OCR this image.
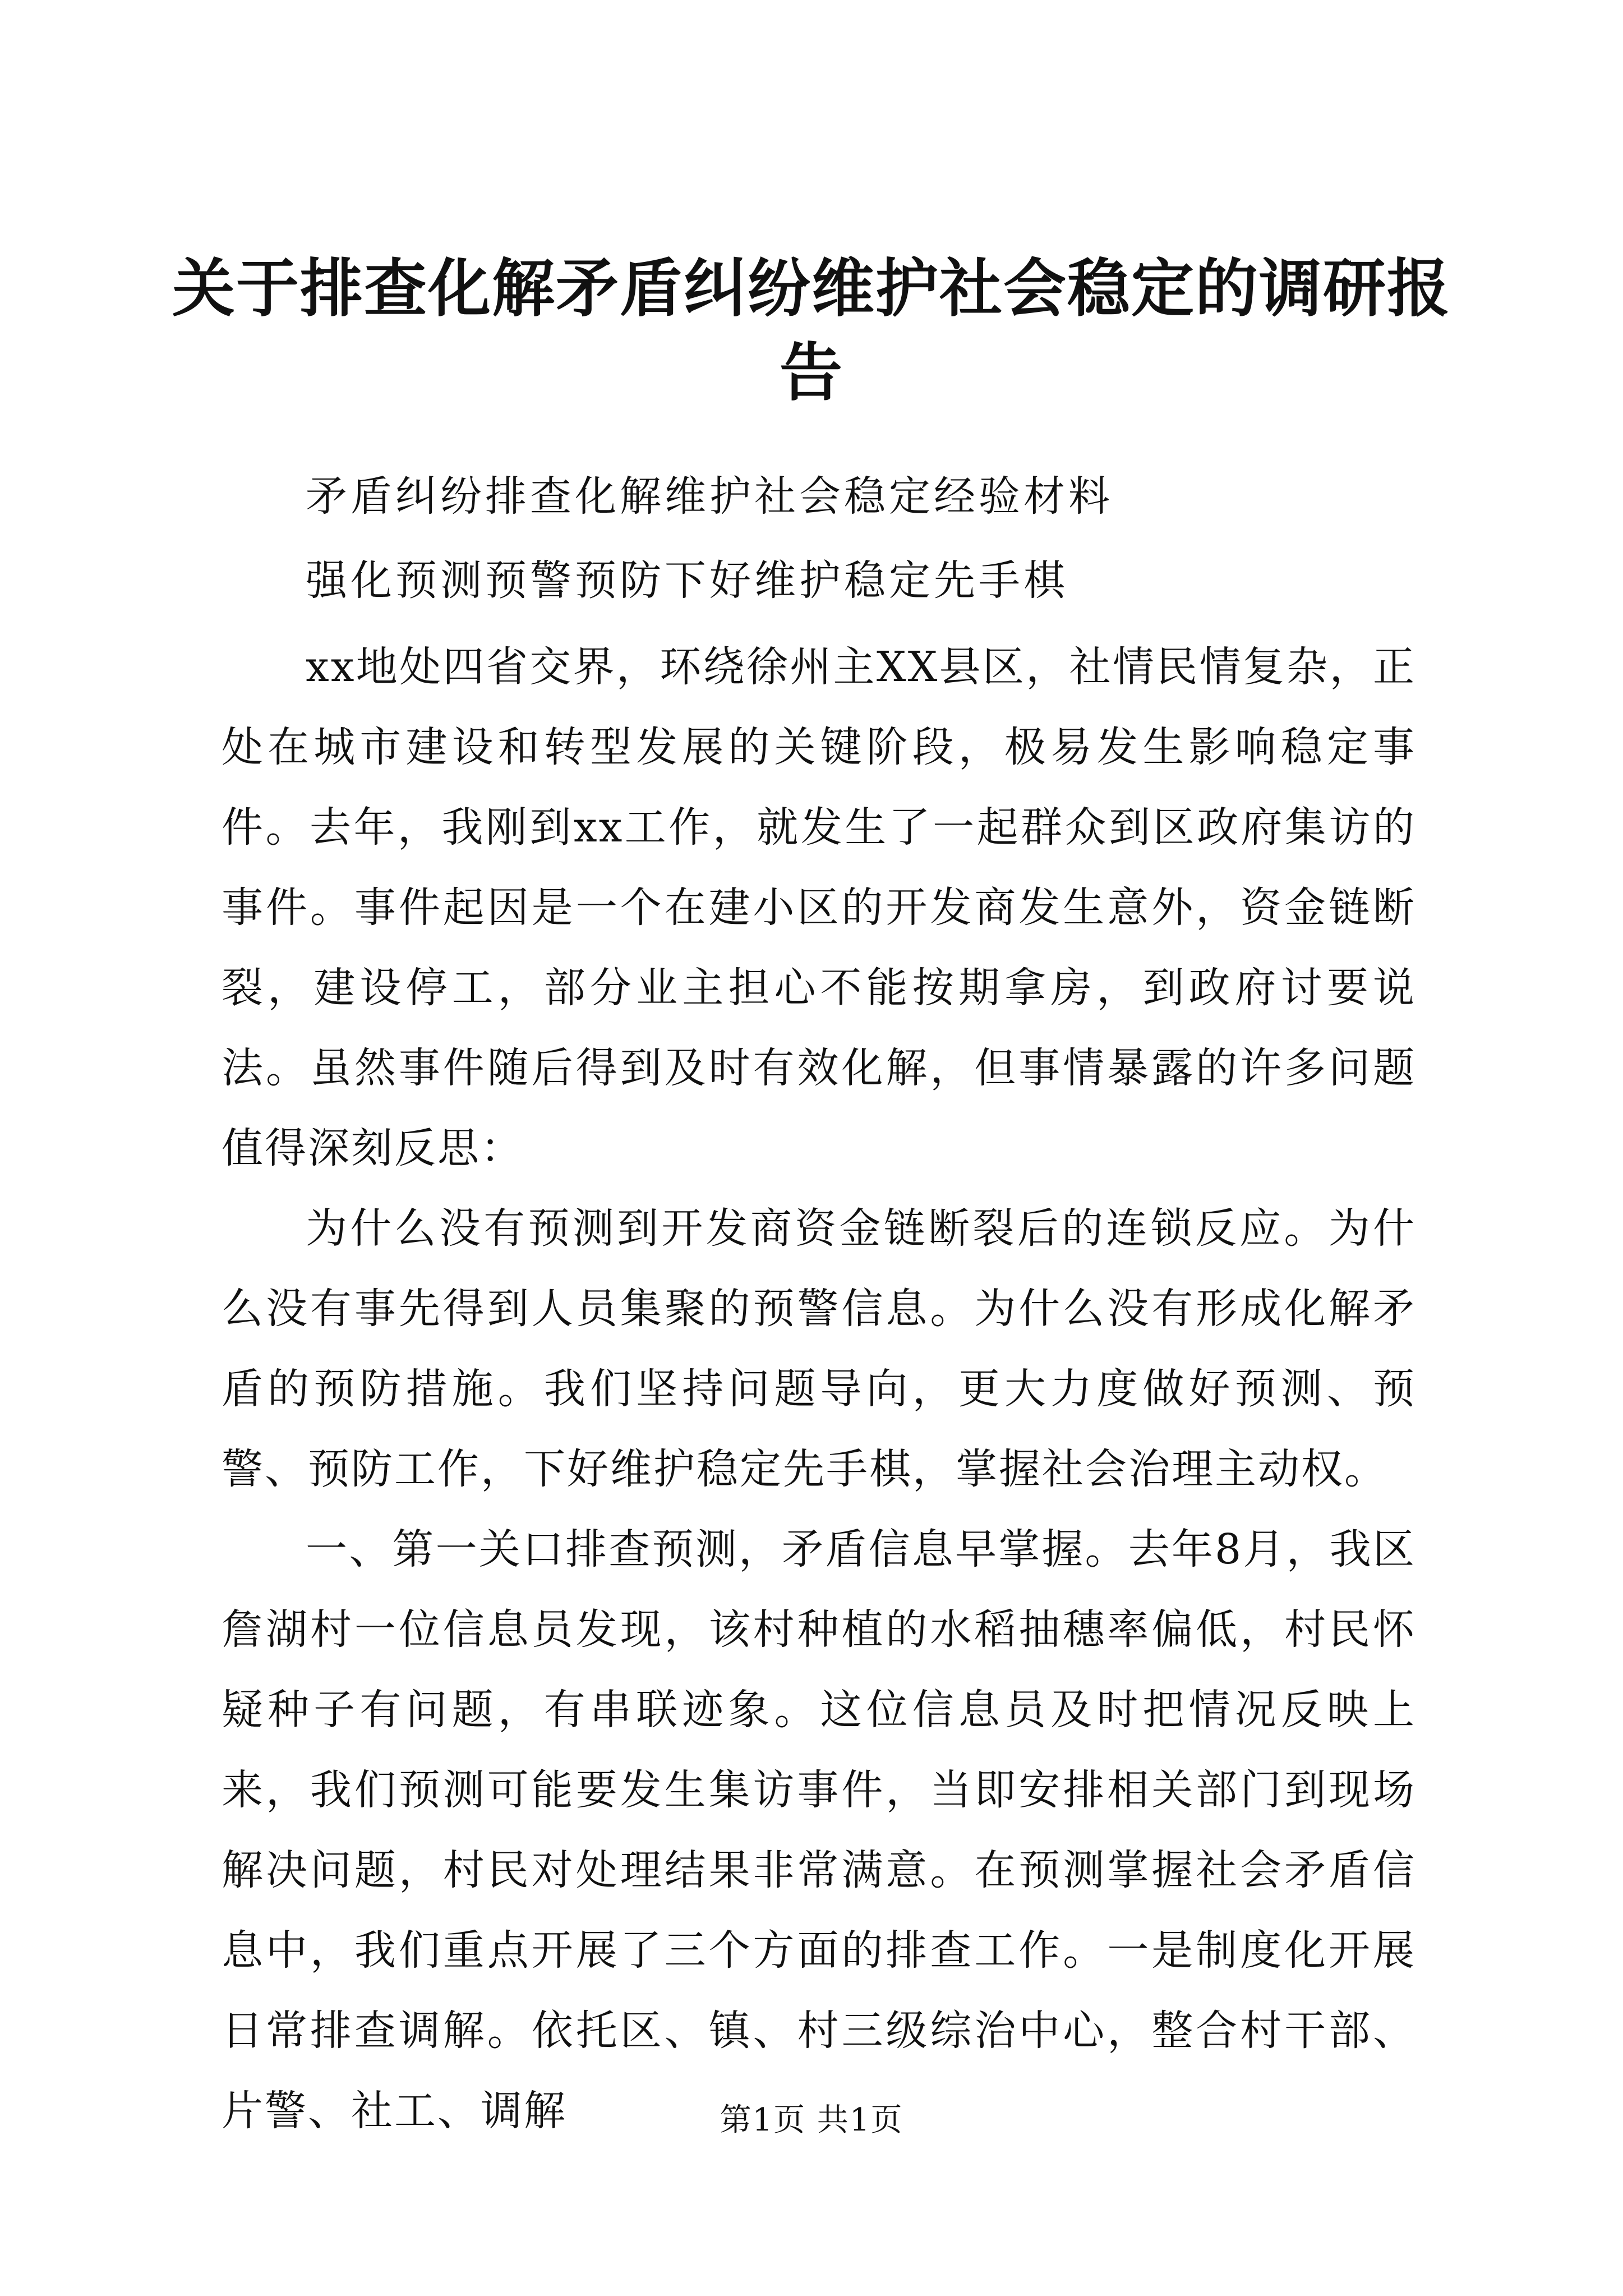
关于排查化解矛盾纠纷维护社会稳定的调研报告

矛盾纠纷排查化解维护社会稳定经验材料

强化预测预警预防下好维护稳定先手棋

xx地处四省交界，环绕徐州主XX县区，社情民情复杂，正处在城市建设和转型发展的关键阶段，极易发生影响稳定事件。去年，我刚到xx工作，就发生了一起群众到区政府集访的事件。事件起因是一个在建小区的开发商发生意外，资金链断裂，建设停工，部分业主担心不能按期拿房，到政府讨要说法。虽然事件随后得到及时有效化解，但事情暴露的许多问题值得深刻反思：

为什么没有预测到开发商资金链断裂后的连锁反应。为什么没有事先得到人员集聚的预警信息。为什么没有形成化解矛盾的预防措施。我们坚持问题导向，更大力度做好预测、预警、预防工作，下好维护稳定先手棋，掌握社会治理主动权。

一、第一关口排查预测，矛盾信息早掌握。去年8月，我区詹湖村一位信息员发现，该村种植的水稻抽穗率偏低，村民怀疑种子有问题，有串联迹象。这位信息员及时把情况反映上来，我们预测可能要发生集访事件，当即安排相关部门到现场解决问题，村民对处理结果非常满意。在预测掌握社会矛盾信息中，我们重点开展了三个方面的排查工作。一是制度化开展日常排查调解。依托区、镇、村三级综治中心，整合村干部、片警、社工、调解	第1页 共1页
